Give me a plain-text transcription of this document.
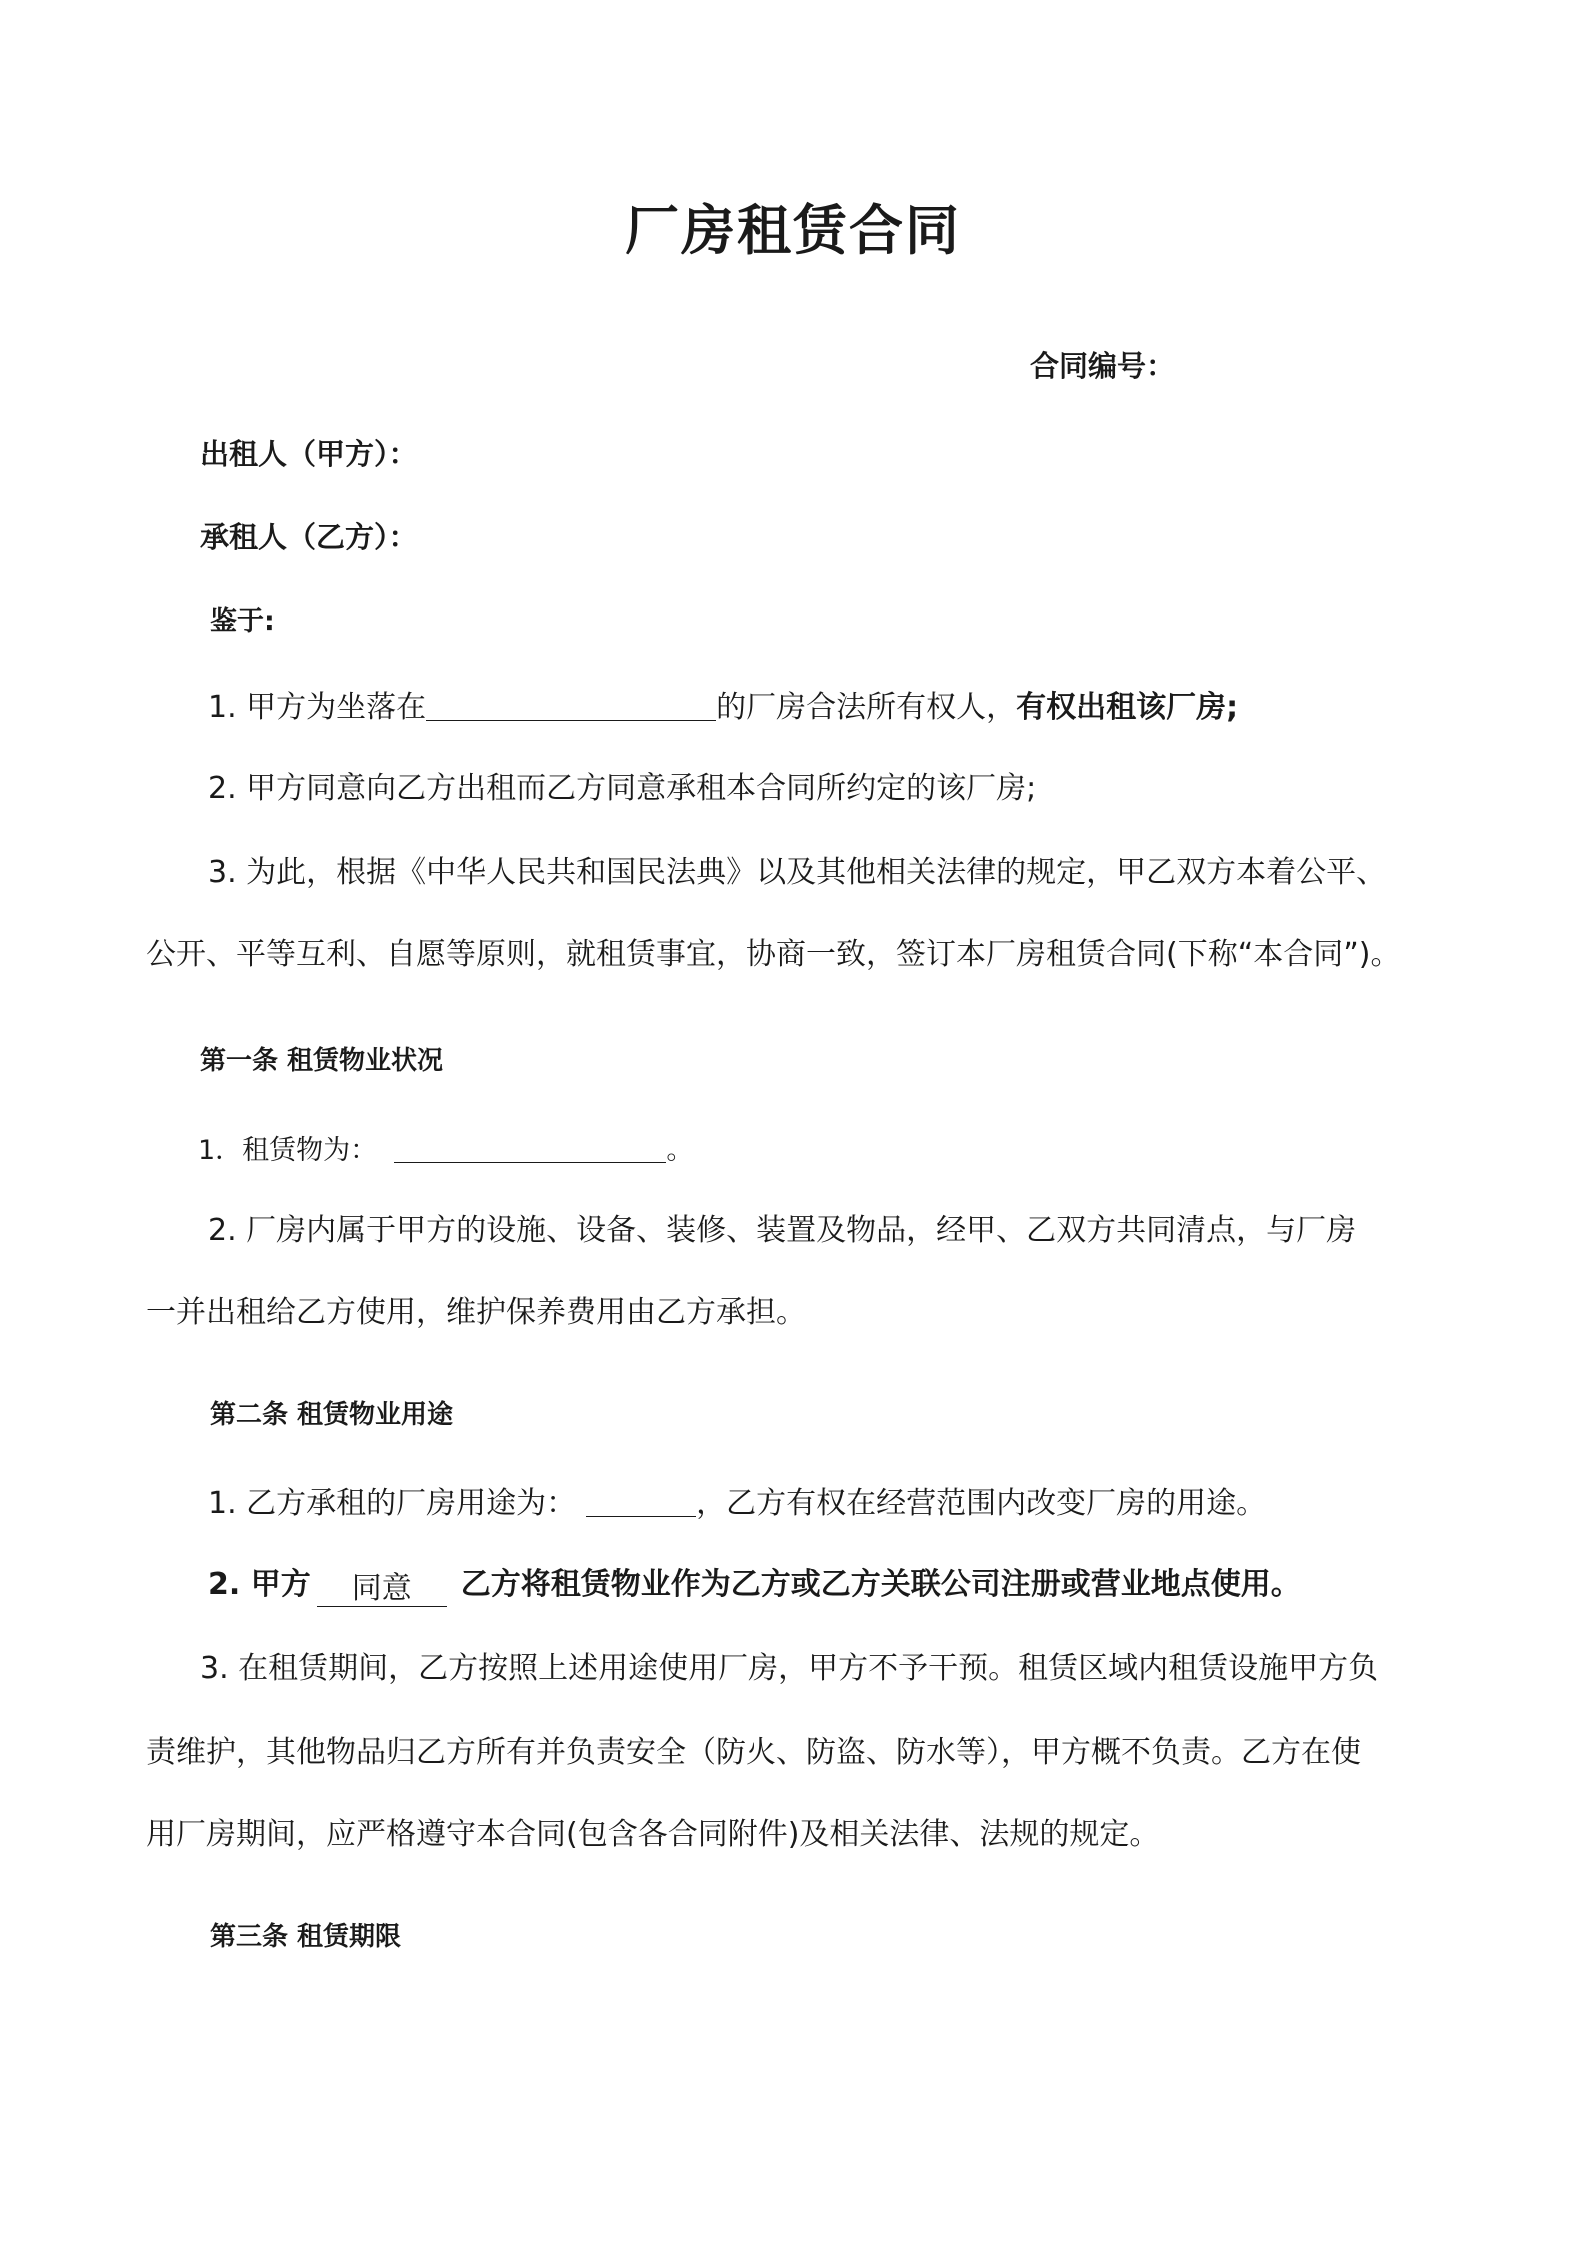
厂房租赁合同
合同编号：
出租人（甲方）：
承租人（乙方）：
鉴于:
1. 甲方为坐落在	的厂房合法所有权人，有权出租该厂房;
2. 甲方同意向乙方出租而乙方同意承租本合同所约定的该厂房;
3. 为此，根据《中华人民共和国民法典》以及其他相关法律的规定，甲乙双方本着公平、
公开、平等互利、自愿等原则，就租赁事宜，协商一致，签订本厂房租赁合同(下称“本合同”)。
第一条 租赁物业状况
1．租赁物为：	。
2. 厂房内属于甲方的设施、设备、装修、装置及物品，经甲、乙双方共同清点，与厂房
一并出租给乙方使用，维护保养费用由乙方承担。
第二条 租赁物业用途
1. 乙方承租的厂房用途为：	，乙方有权在经营范围内改变厂房的用途。
2. 甲方 同意 乙方将租赁物业作为乙方或乙方关联公司注册或营业地点使用。
3. 在租赁期间，乙方按照上述用途使用厂房，甲方不予干预。租赁区域内租赁设施甲方负
责维护，其他物品归乙方所有并负责安全（防火、防盗、防水等），甲方概不负责。乙方在使
用厂房期间，应严格遵守本合同(包含各合同附件)及相关法律、法规的规定。
第三条 租赁期限
